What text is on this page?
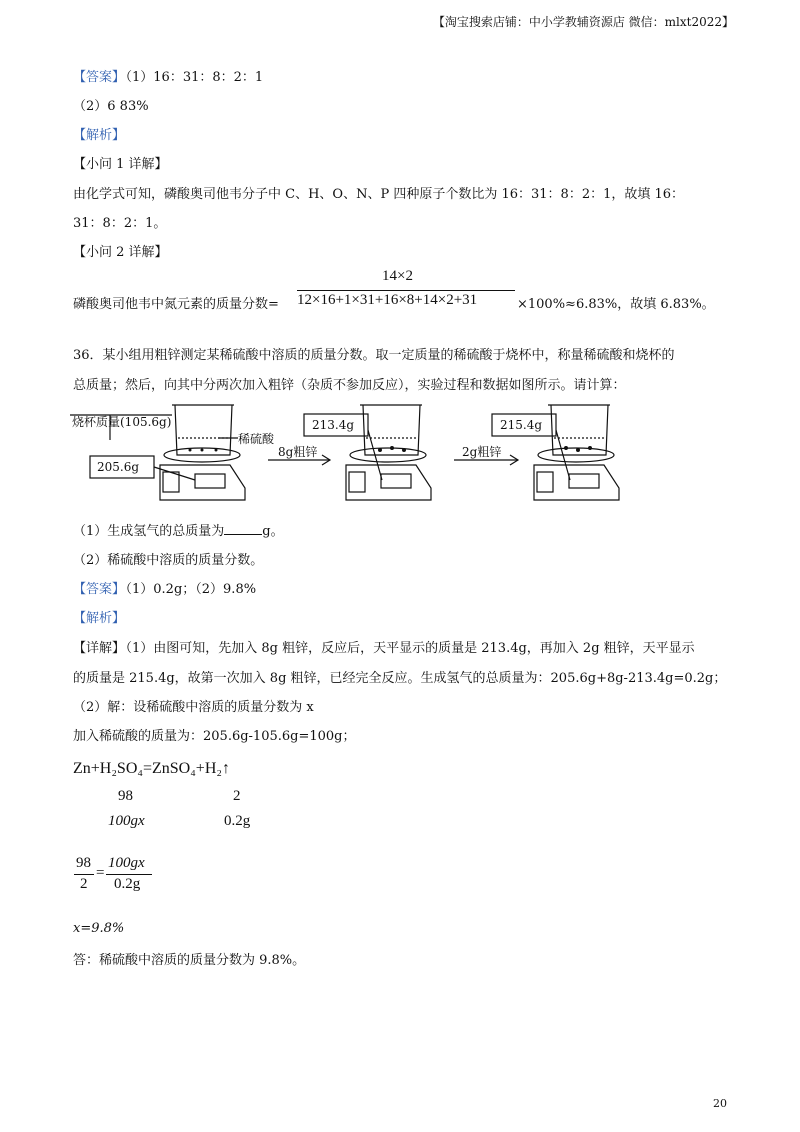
【淘宝搜索店铺：中小学教辅资源店 微信：mlxt2022】
【答案】
（1）16：31：8：2：1
（2）6 83%
【解析】
【小问 1 详解】
由化学式可知，磷酸奥司他韦分子中 C、H、O、N、P 四种原子个数比为 16：31：8：2：1，故填 16：
31：8：2：1。
【小问 2 详解】
磷酸奥司他韦中氮元素的质量分数=
14×2
12×16+1×31+16×8+14×2+31	×100%≈6.83%，故填 6.83%。
36．某小组用粗锌测定某稀硫酸中溶质的质量分数。取一定质量的稀硫酸于烧杯中，称量稀硫酸和烧杯的
总质量；然后，向其中分两次加入粗锌（杂质不参加反应），实验过程和数据如图所示。请计算：
烧杯质量(105.6g)
稀硫酸
205.6g
8g粗锌
213.4g
2g粗锌
215.4g
（1）生成氢气的总质量为	g。
（2）稀硫酸中溶质的质量分数。
【答案】
（1）0.2g；（2）9.8%
【解析】
【详解】
（1）由图可知，先加入 8g 粗锌，反应后，天平显示的质量是 213.4g，再加入 2g 粗锌，天平显示
的质量是 215.4g，故第一次加入 8g 粗锌，已经完全反应。生成氢气的总质量为：205.6g+8g-213.4g=0.2g；
（2）解：设稀硫酸中溶质的质量分数为 x
加入稀硫酸的质量为：205.6g-105.6g=100g；
Zn+H₂SO₄=ZnSO₄+H₂↑
98	2
100gx	0.2g
98
2
=
100gx
0.2g
x=9.8%
答：稀硫酸中溶质的质量分数为 9.8%。
20
